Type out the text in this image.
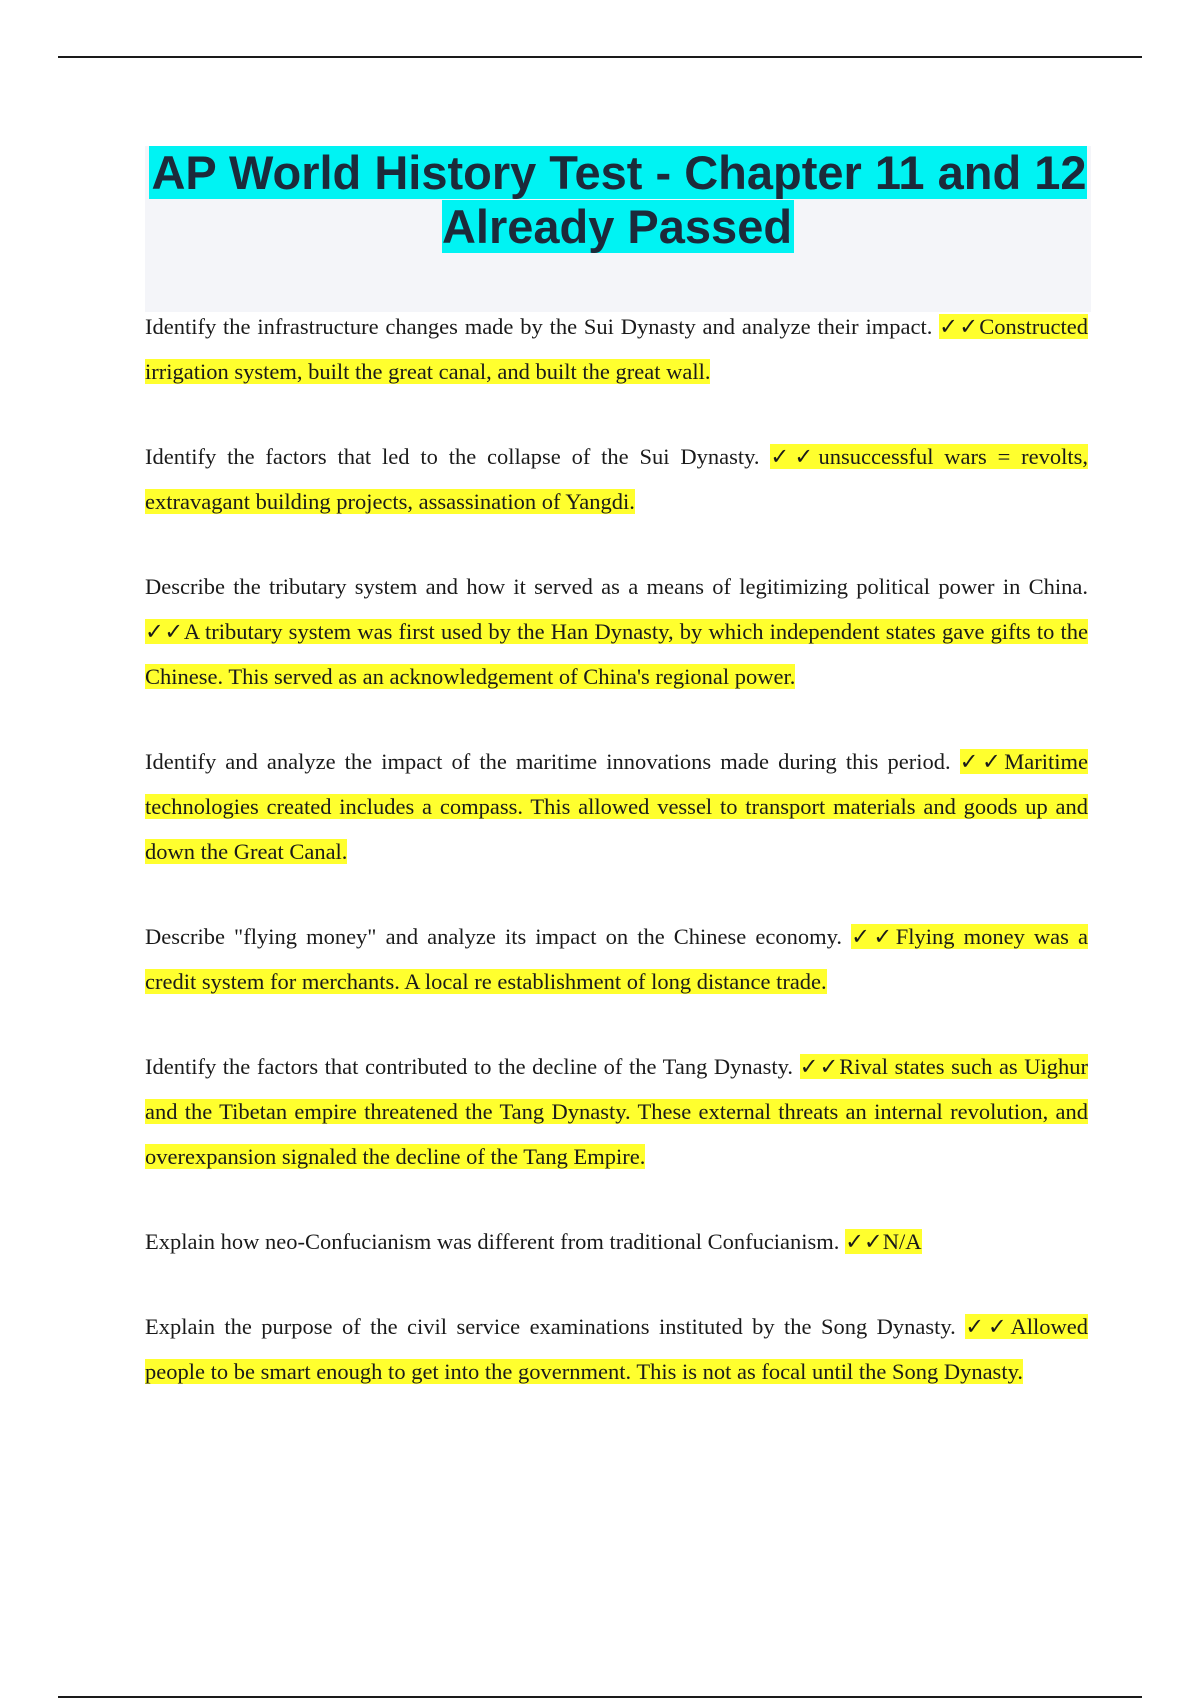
AP World History Test - Chapter 11 and 12 Already Passed

Identify the infrastructure changes made by the Sui Dynasty and analyze their impact. ✓✓Constructed irrigation system, built the great canal, and built the great wall.

Identify the factors that led to the collapse of the Sui Dynasty. ✓✓unsuccessful wars = revolts, extravagant building projects, assassination of Yangdi.

Describe the tributary system and how it served as a means of legitimizing political power in China. ✓✓A tributary system was first used by the Han Dynasty, by which independent states gave gifts to the Chinese. This served as an acknowledgement of China's regional power.

Identify and analyze the impact of the maritime innovations made during this period. ✓✓Maritime technologies created includes a compass. This allowed vessel to transport materials and goods up and down the Great Canal.

Describe "flying money" and analyze its impact on the Chinese economy. ✓✓Flying money was a credit system for merchants. A local re establishment of long distance trade.

Identify the factors that contributed to the decline of the Tang Dynasty. ✓✓Rival states such as Uighur and the Tibetan empire threatened the Tang Dynasty. These external threats an internal revolution, and overexpansion signaled the decline of the Tang Empire.

Explain how neo-Confucianism was different from traditional Confucianism. ✓✓N/A

Explain the purpose of the civil service examinations instituted by the Song Dynasty. ✓✓Allowed people to be smart enough to get into the government. This is not as focal until the Song Dynasty.
